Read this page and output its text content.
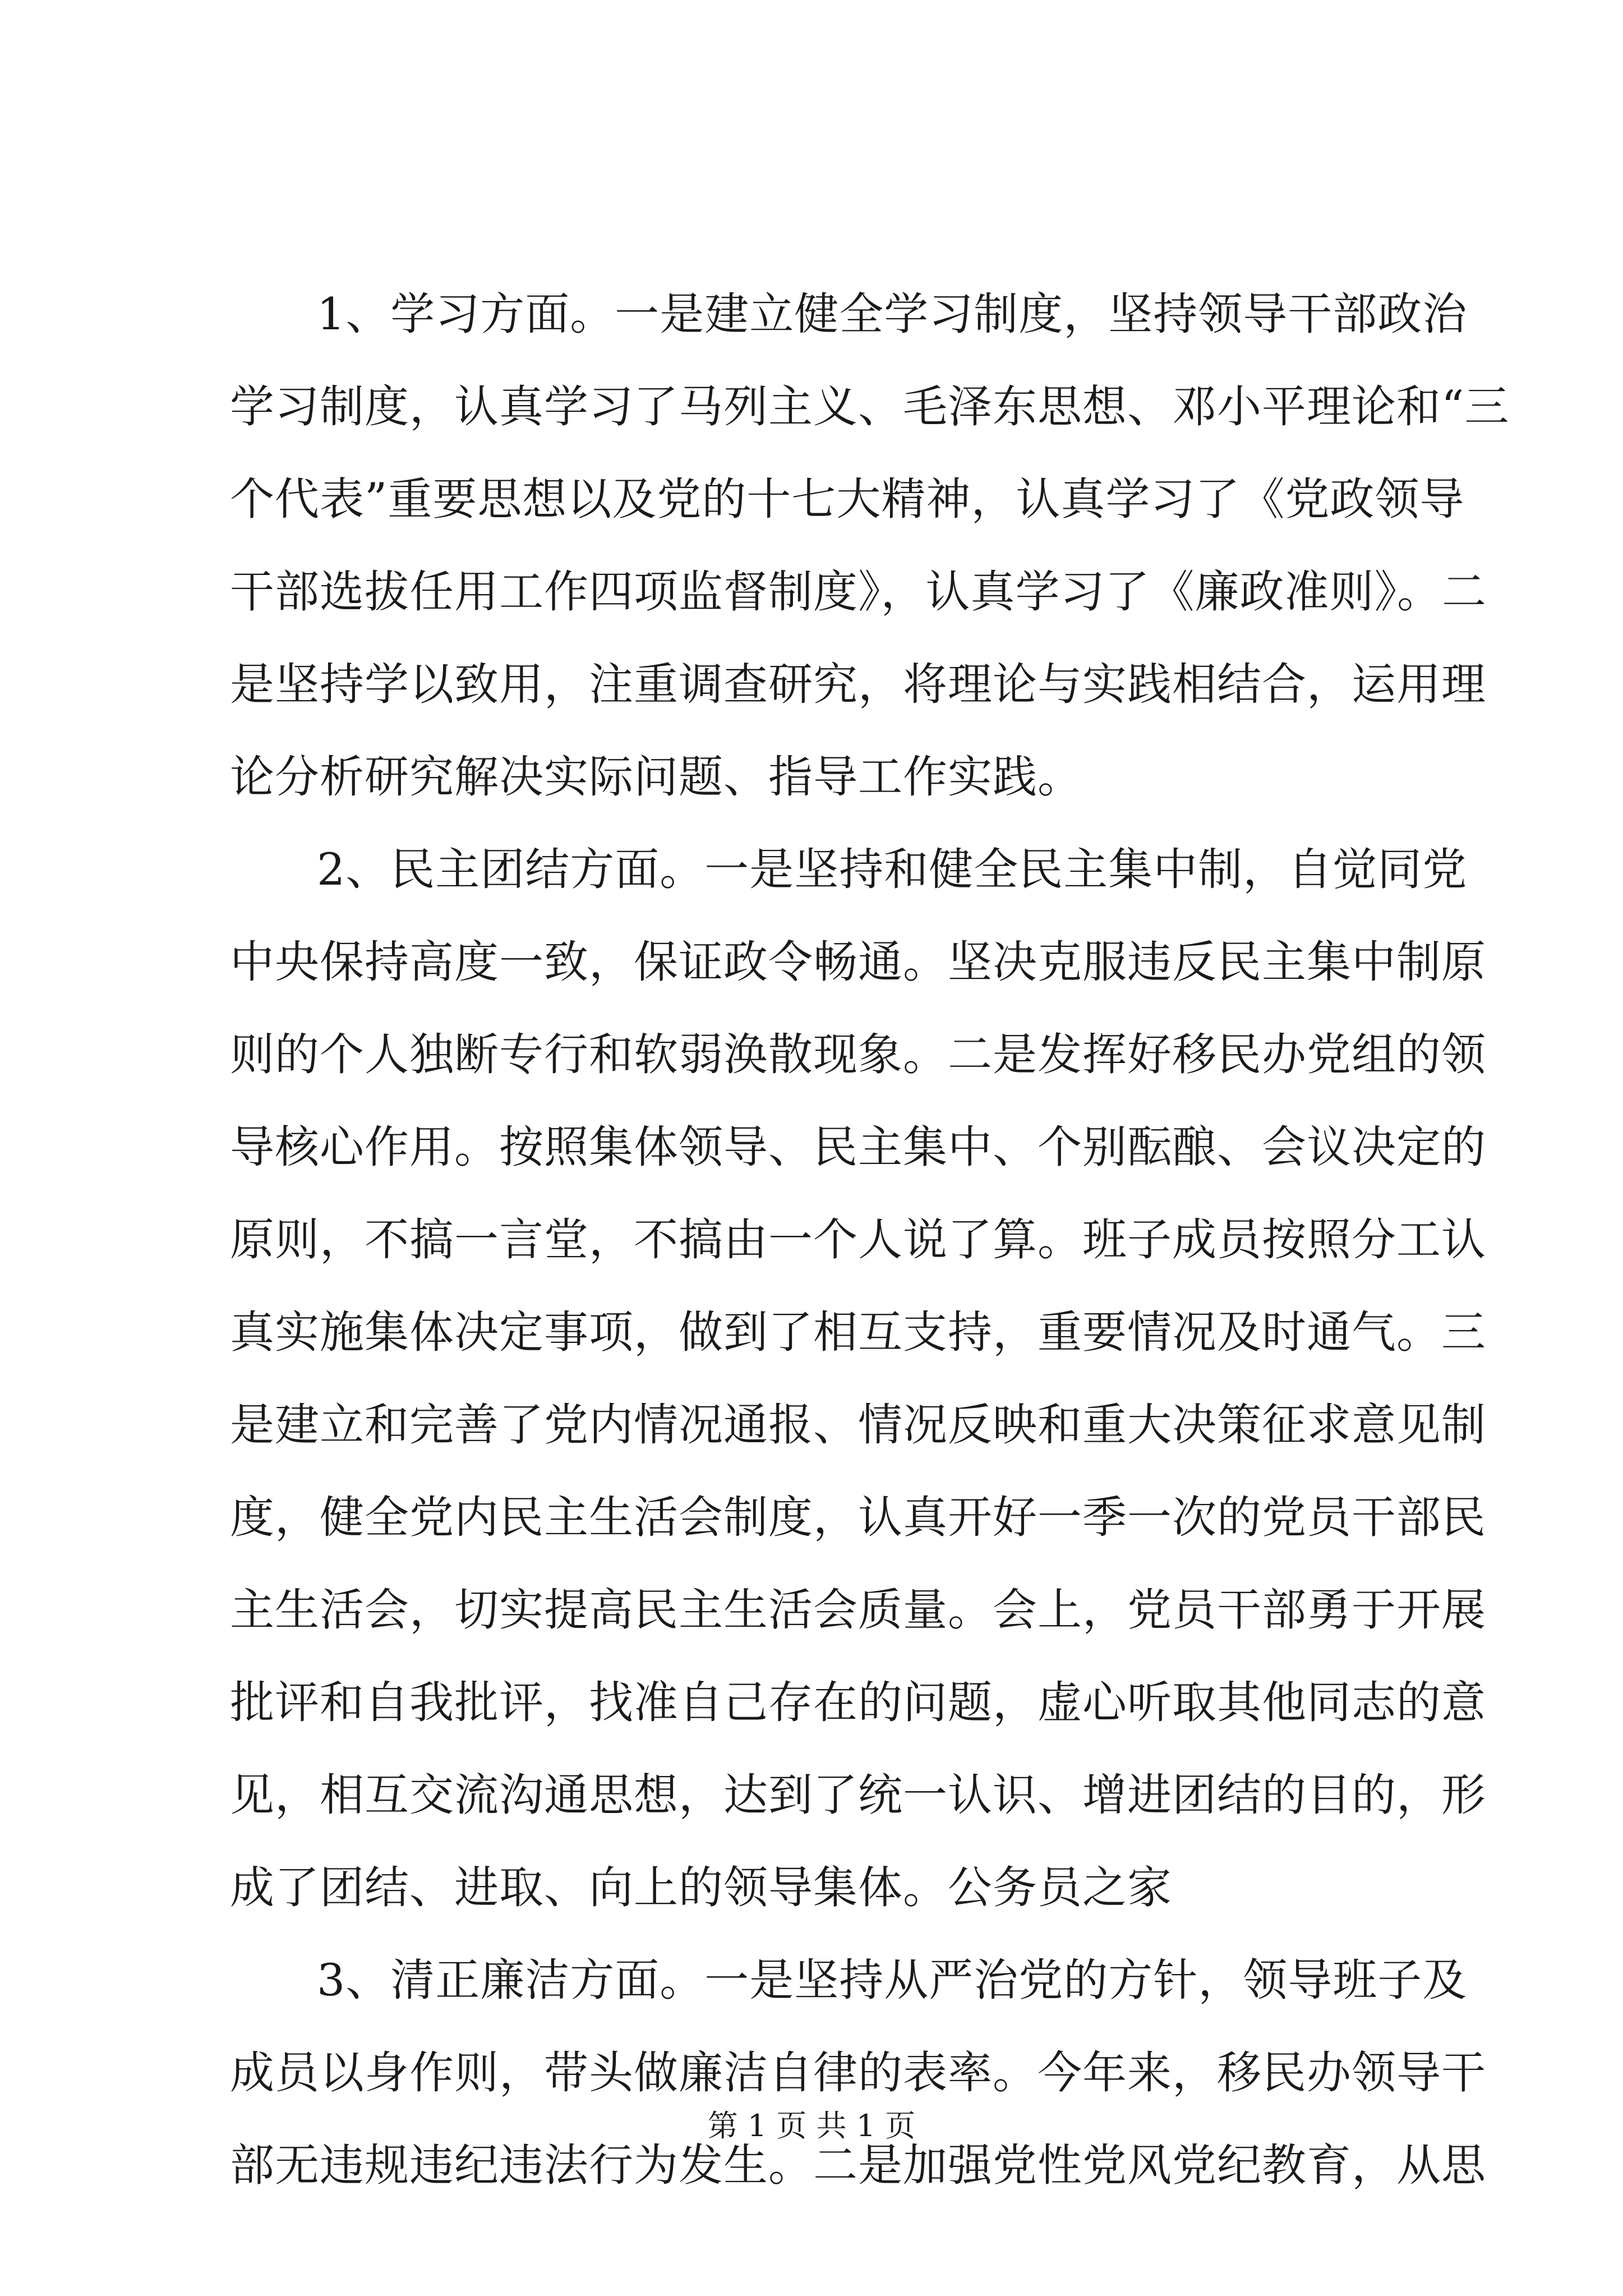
1、学习方面。一是建立健全学习制度，坚持领导干部政治
学习制度，认真学习了马列主义、毛泽东思想、邓小平理论和“三
个代表”重要思想以及党的十七大精神，认真学习了《党政领导
干部选拔任用工作四项监督制度》，认真学习了《廉政准则》。二
是坚持学以致用，注重调查研究，将理论与实践相结合，运用理
论分析研究解决实际问题、指导工作实践。
2、民主团结方面。一是坚持和健全民主集中制，自觉同党
中央保持高度一致，保证政令畅通。坚决克服违反民主集中制原
则的个人独断专行和软弱涣散现象。二是发挥好移民办党组的领
导核心作用。按照集体领导、民主集中、个别酝酿、会议决定的
原则，不搞一言堂，不搞由一个人说了算。班子成员按照分工认
真实施集体决定事项，做到了相互支持，重要情况及时通气。三
是建立和完善了党内情况通报、情况反映和重大决策征求意见制
度，健全党内民主生活会制度，认真开好一季一次的党员干部民
主生活会，切实提高民主生活会质量。会上，党员干部勇于开展
批评和自我批评，找准自己存在的问题，虚心听取其他同志的意
见，相互交流沟通思想，达到了统一认识、增进团结的目的，形
成了团结、进取、向上的领导集体。公务员之家
3、清正廉洁方面。一是坚持从严治党的方针，领导班子及
成员以身作则，带头做廉洁自律的表率。今年来，移民办领导干
部无违规违纪违法行为发生。二是加强党性党风党纪教育，从思
第 1 页 共 1 页
